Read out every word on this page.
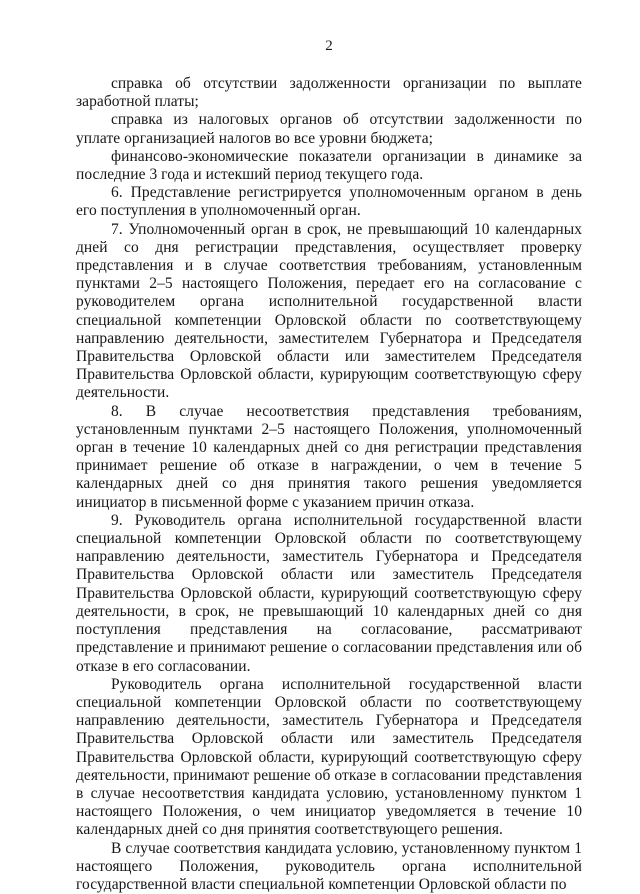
2

справка об отсутствии задолженности организации по выплате заработной платы;

справка из налоговых органов об отсутствии задолженности по уплате организацией налогов во все уровни бюджета;

финансово-экономические показатели организации в динамике за последние 3 года и истекший период текущего года.

6. Представление регистрируется уполномоченным органом в день его поступления в уполномоченный орган.

7. Уполномоченный орган в срок, не превышающий 10 календарных дней со дня регистрации представления, осуществляет проверку представления и в случае соответствия требованиям, установленным пунктами 2–5 настоящего Положения, передает его на согласование с руководителем органа исполнительной государственной власти специальной компетенции Орловской области по соответствующему направлению деятельности, заместителем Губернатора и Председателя Правительства Орловской области или заместителем Председателя Правительства Орловской области, курирующим соответствующую сферу деятельности.

8. В случае несоответствия представления требованиям, установленным пунктами 2–5 настоящего Положения, уполномоченный орган в течение 10 календарных дней со дня регистрации представления принимает решение об отказе в награждении, о чем в течение 5 календарных дней со дня принятия такого решения уведомляется инициатор в письменной форме с указанием причин отказа.

9. Руководитель органа исполнительной государственной власти специальной компетенции Орловской области по соответствующему направлению деятельности, заместитель Губернатора и Председателя Правительства Орловской области или заместитель Председателя Правительства Орловской области, курирующий соответствующую сферу деятельности, в срок, не превышающий 10 календарных дней со дня поступления представления на согласование, рассматривают представление и принимают решение о согласовании представления или об отказе в его согласовании.

Руководитель органа исполнительной государственной власти специальной компетенции Орловской области по соответствующему направлению деятельности, заместитель Губернатора и Председателя Правительства Орловской области или заместитель Председателя Правительства Орловской области, курирующий соответствующую сферу деятельности, принимают решение об отказе в согласовании представления в случае несоответствия кандидата условию, установленному пунктом 1 настоящего Положения, о чем инициатор уведомляется в течение 10 календарных дней со дня принятия соответствующего решения.

В случае соответствия кандидата условию, установленному пунктом 1 настоящего Положения, руководитель органа исполнительной государственной власти специальной компетенции Орловской области по
